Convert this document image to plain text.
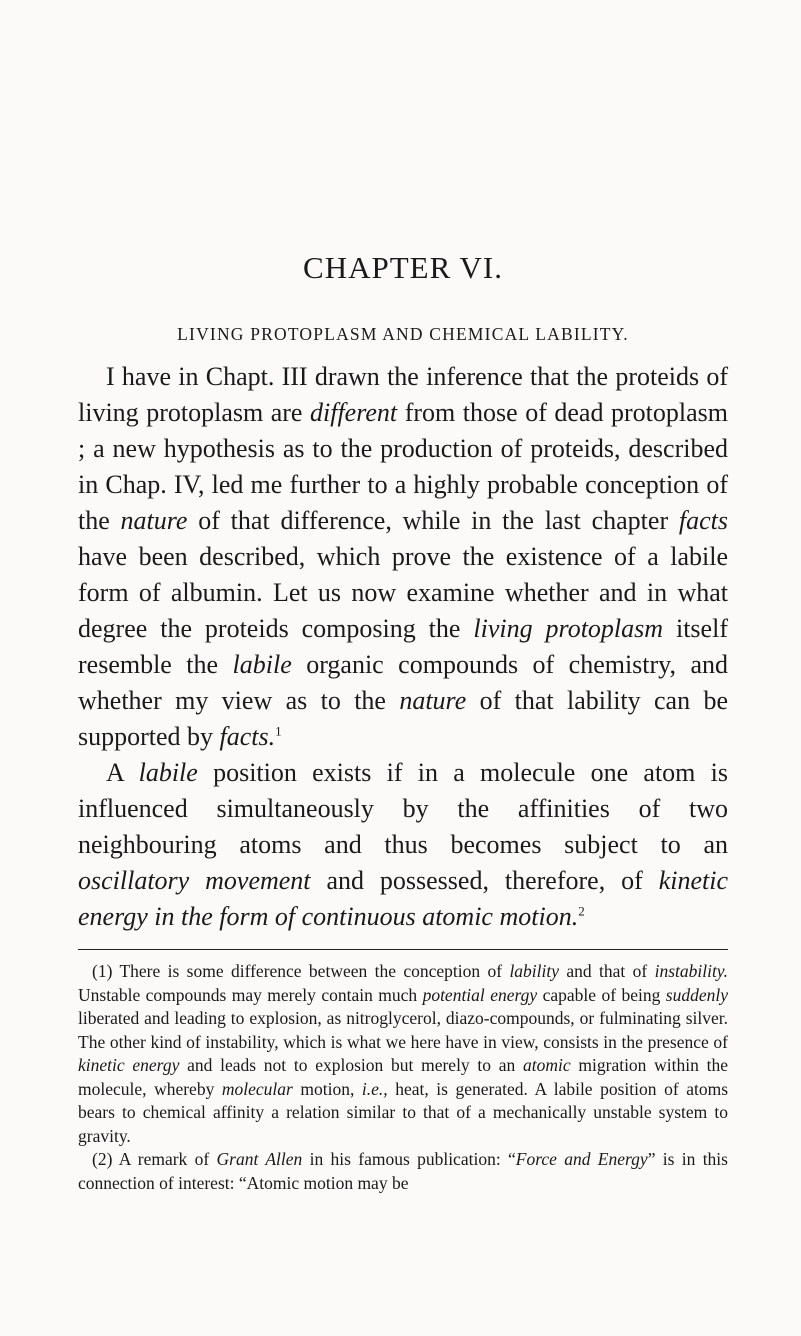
CHAPTER VI.
LIVING PROTOPLASM AND CHEMICAL LABILITY.

I have in Chapt. III drawn the inference that the proteids of living protoplasm are different from those of dead protoplasm ; a new hypothesis as to the production of proteids, described in Chap. IV, led me further to a highly probable conception of the nature of that difference, while in the last chapter facts have been described, which prove the existence of a labile form of albumin. Let us now examine whether and in what degree the proteids composing the living protoplasm itself resemble the labile organic compounds of chemistry, and whether my view as to the nature of that lability can be supported by facts.$^1$

A labile position exists if in a molecule one atom is influenced simultaneously by the affinities of two neighbouring atoms and thus becomes subject to an oscillatory movement and possessed, therefore, of kinetic energy in the form of continuous atomic motion.$^2$

(1) There is some difference between the conception of lability and that of instability. Unstable compounds may merely contain much potential energy capable of being suddenly liberated and leading to explosion, as nitroglycerol, diazo-compounds, or fulminating silver. The other kind of instability, which is what we here have in view, consists in the presence of kinetic energy and leads not to explosion but merely to an atomic migration within the molecule, whereby molecular motion, i.e., heat, is generated. A labile position of atoms bears to chemical affinity a relation similar to that of a mechanically unstable system to gravity.

(2) A remark of Grant Allen in his famous publication: “Force and Energy” is in this connection of interest: “Atomic motion may be
